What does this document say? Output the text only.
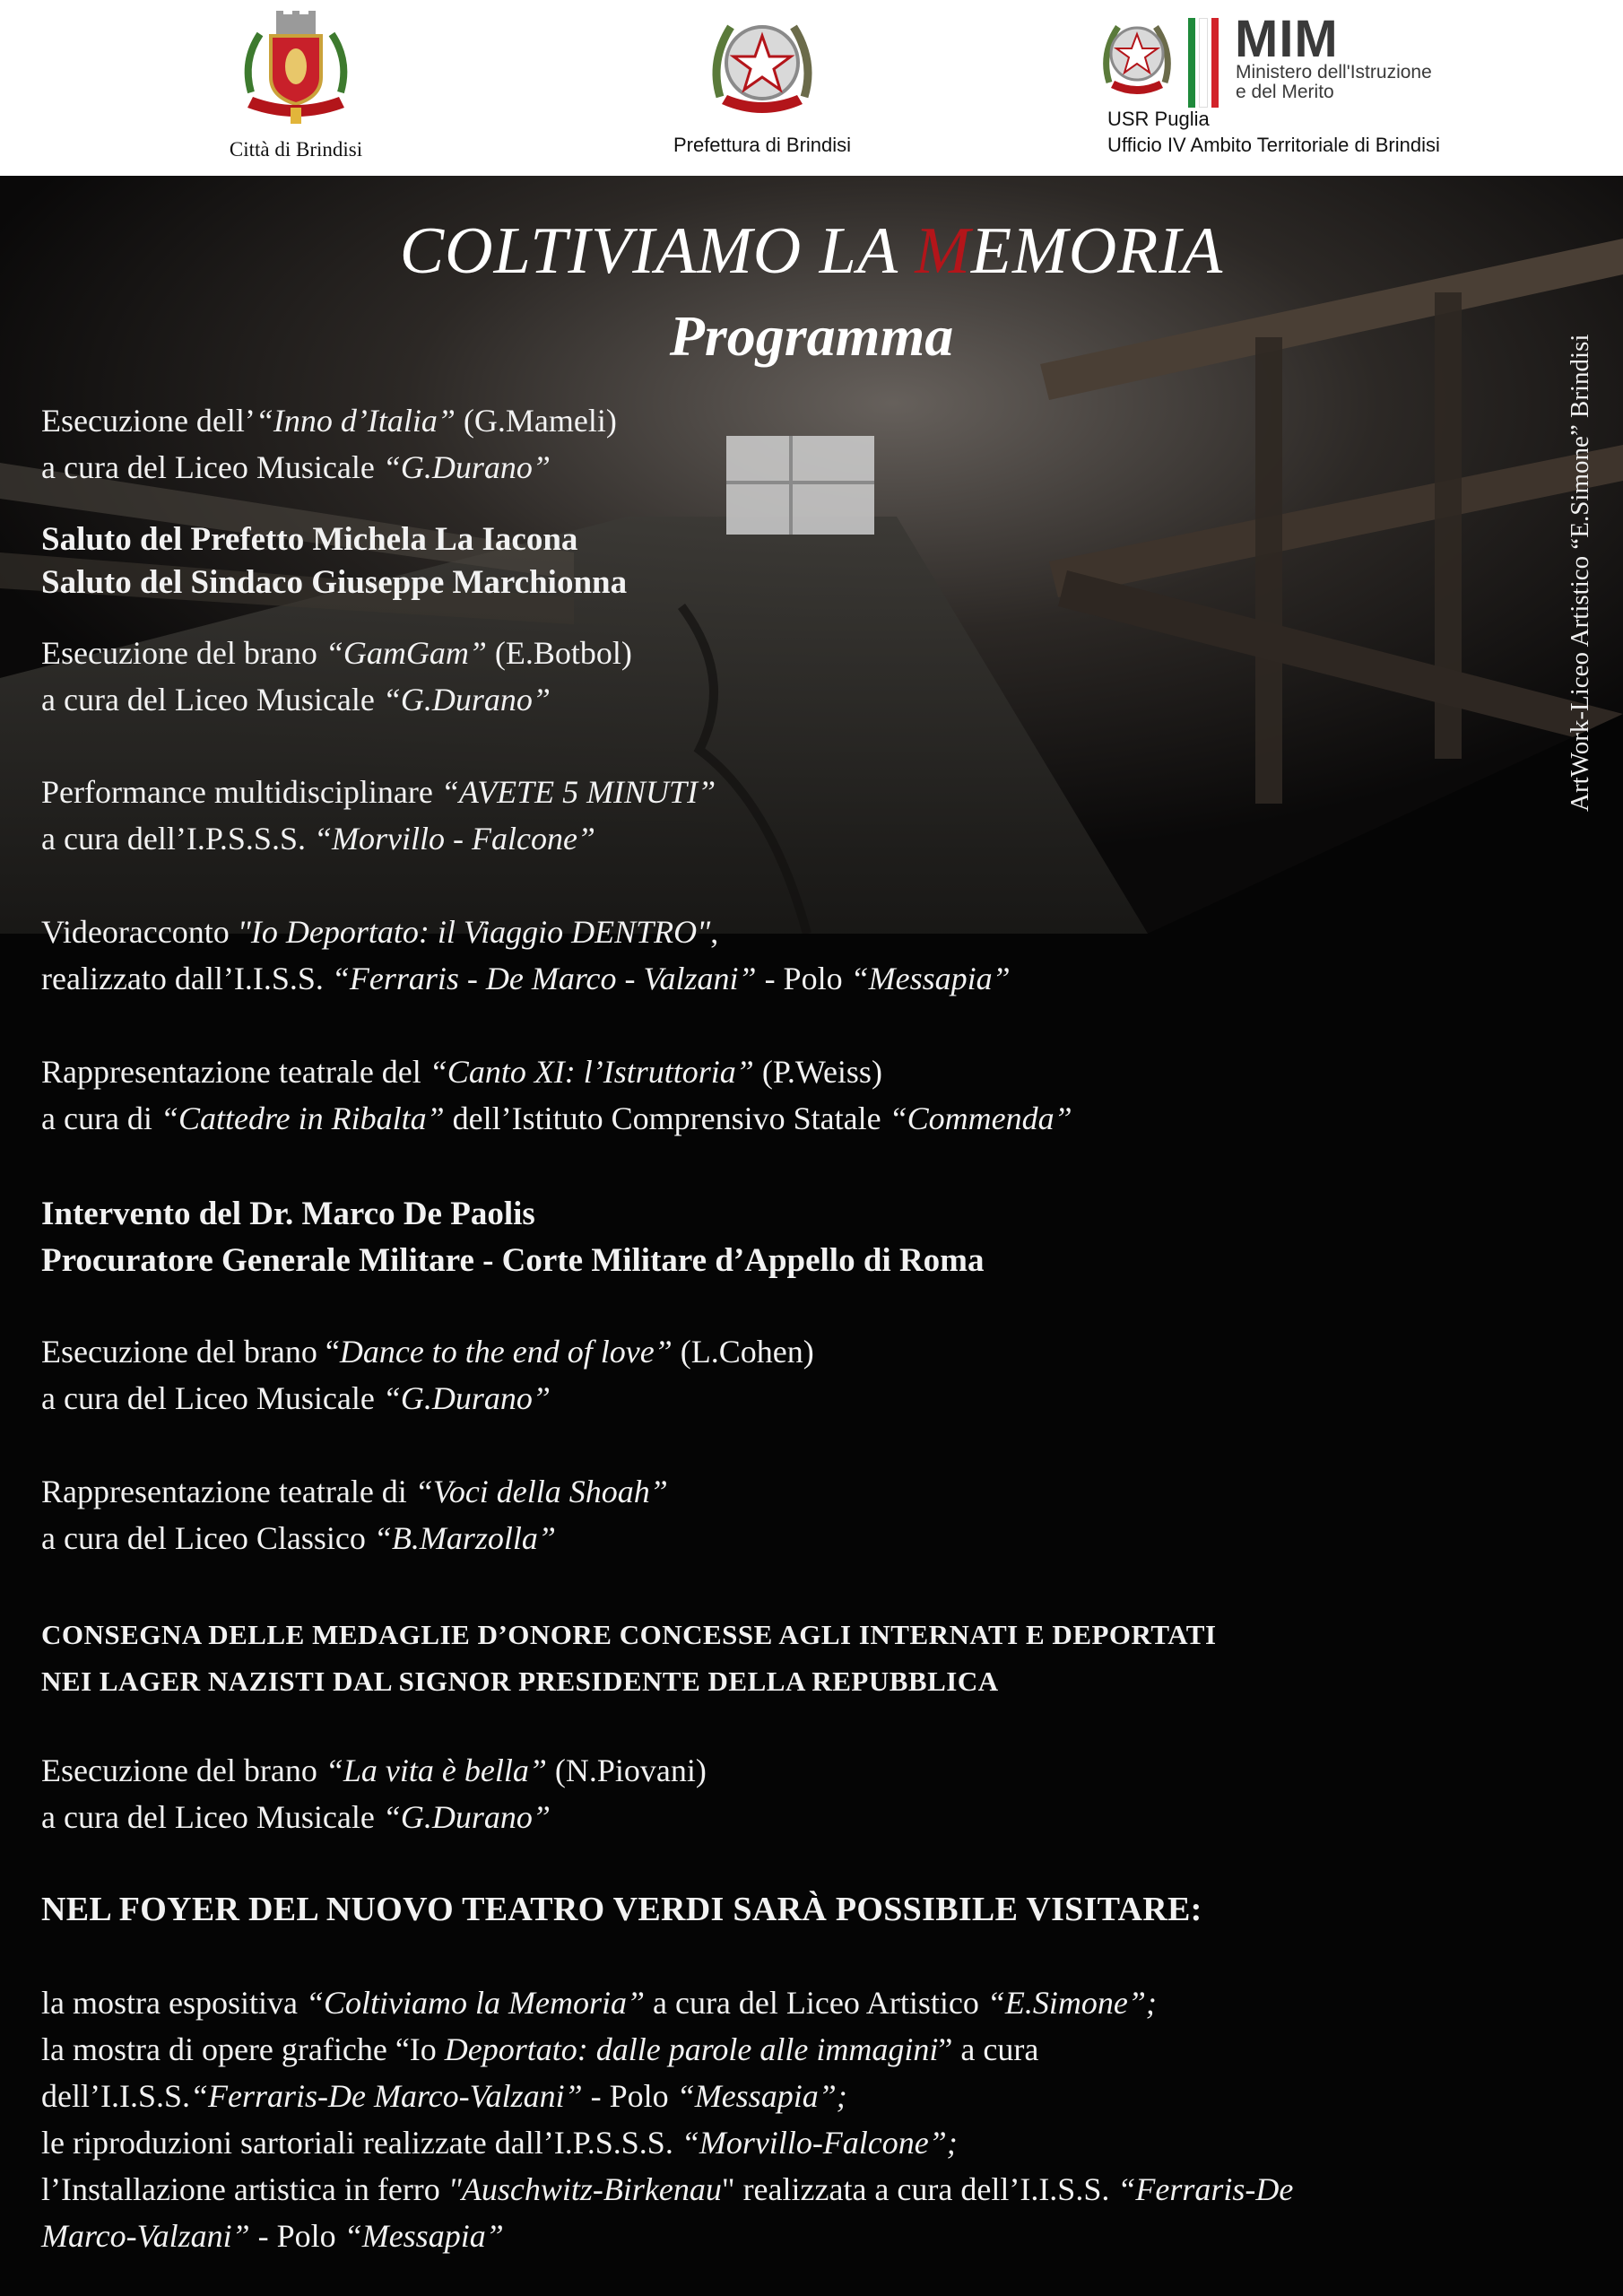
Città di Brindisi	Prefettura di Brindisi
MIM
Ministero dell'Istruzione
e del Merito
USR Puglia
Ufficio IV Ambito Territoriale di Brindisi
COLTIVIAMO LA MEMORIA
Programma	ArtWork-Liceo Artistico “E.Simone” Brindisi
Esecuzione dell’“Inno d’Italia” (G.Mameli)
a cura del Liceo Musicale “G.Durano”
Saluto del Prefetto Michela La Iacona
Saluto del Sindaco Giuseppe Marchionna
Esecuzione del brano “GamGam” (E.Botbol)
a cura del Liceo Musicale “G.Durano”
Performance multidisciplinare “AVETE 5 MINUTI”
a cura dell’I.P.S.S.S. “Morvillo - Falcone”
Videoracconto "Io Deportato: il Viaggio DENTRO",
realizzato dall’I.I.S.S. “Ferraris - De Marco - Valzani” - Polo “Messapia”
Rappresentazione teatrale del “Canto XI: l’Istruttoria” (P.Weiss)
a cura di “Cattedre in Ribalta” dell’Istituto Comprensivo Statale “Commenda”
Intervento del Dr. Marco De Paolis
Procuratore Generale Militare - Corte Militare d’Appello di Roma
Esecuzione del brano “Dance to the end of love” (L.Cohen)
a cura del Liceo Musicale “G.Durano”
Rappresentazione teatrale di “Voci della Shoah”
a cura del Liceo Classico “B.Marzolla”
CONSEGNA DELLE MEDAGLIE D’ONORE CONCESSE AGLI INTERNATI E DEPORTATI
NEI LAGER NAZISTI DAL SIGNOR PRESIDENTE DELLA REPUBBLICA
Esecuzione del brano “La vita è bella” (N.Piovani)
a cura del Liceo Musicale “G.Durano”
NEL FOYER DEL NUOVO TEATRO VERDI SARÀ POSSIBILE VISITARE:
la mostra espositiva “Coltiviamo la Memoria” a cura del Liceo Artistico “E.Simone”;
la mostra di opere grafiche “Io Deportato: dalle parole alle immagini” a cura
dell’I.I.S.S.“Ferraris-De Marco-Valzani” - Polo “Messapia”;
le riproduzioni sartoriali realizzate dall’I.P.S.S.S. “Morvillo-Falcone”;
l’Installazione artistica in ferro "Auschwitz-Birkenau" realizzata a cura dell’I.I.S.S. “Ferraris-De
Marco-Valzani” - Polo “Messapia”
